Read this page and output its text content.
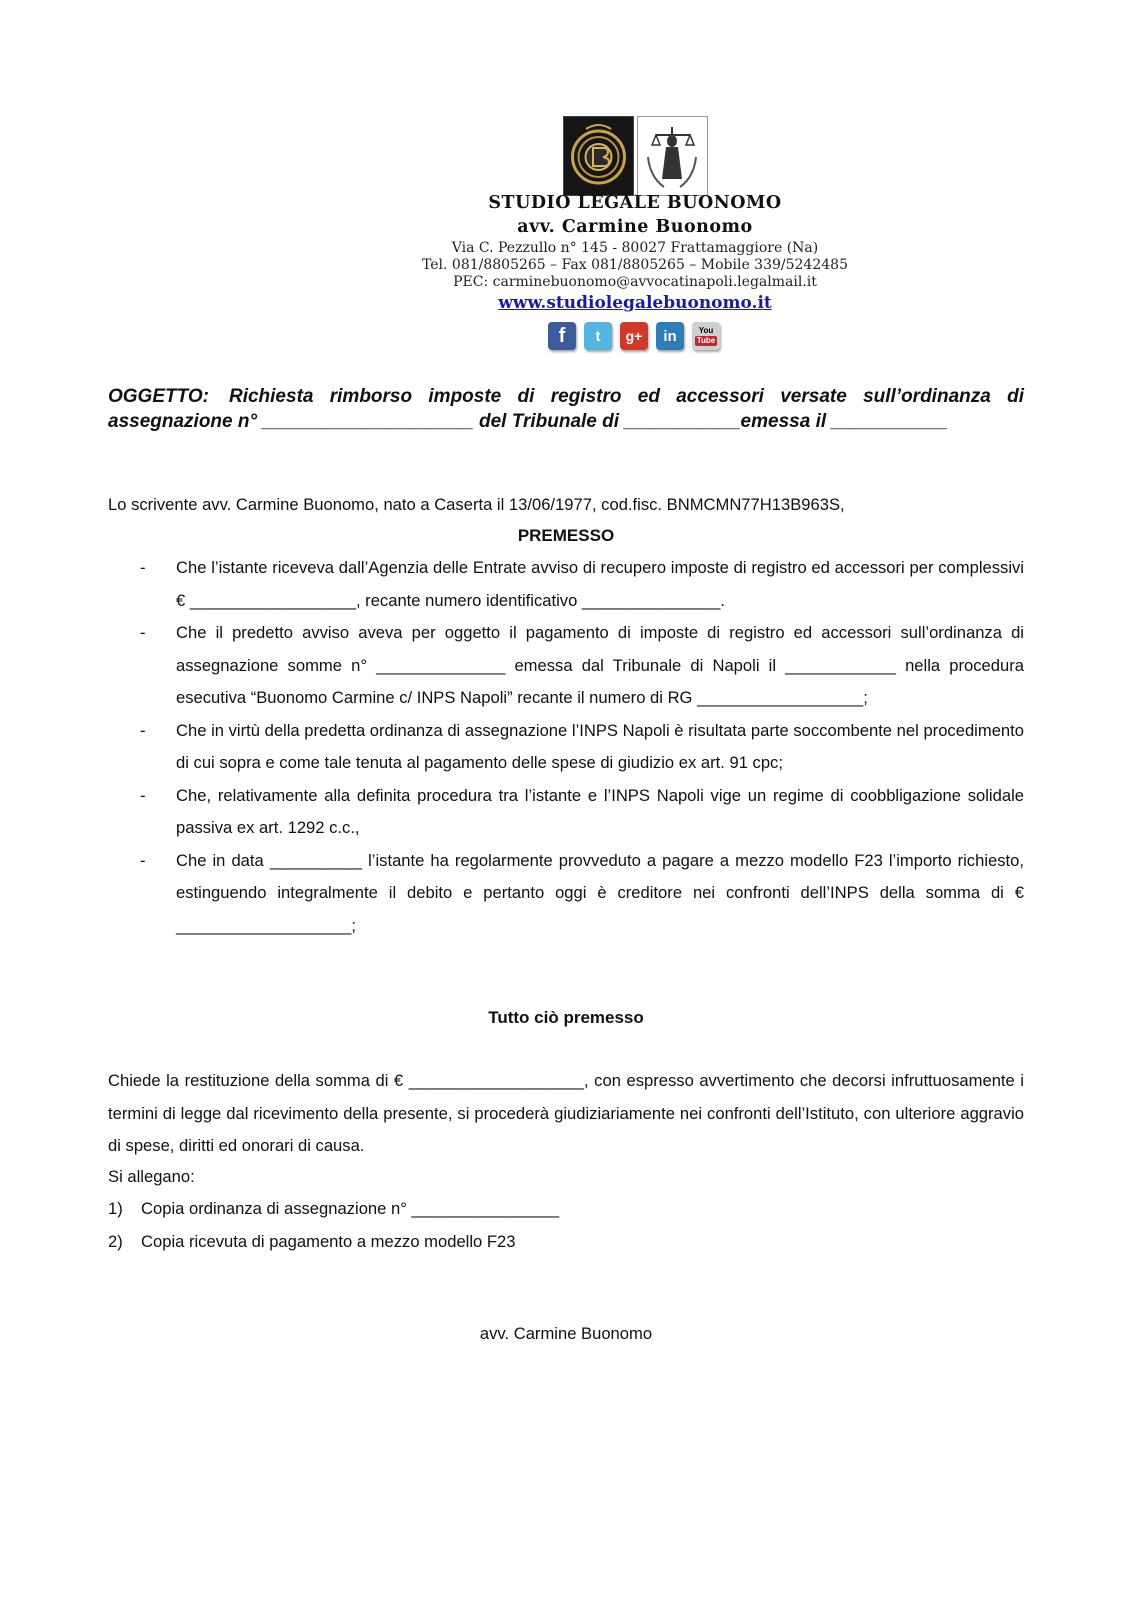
STUDIO LEGALE BUONOMO
avv. Carmine Buonomo
Via C. Pezzullo n° 145 - 80027 Frattamaggiore (Na)
Tel. 081/8805265 – Fax 081/8805265 – Mobile 339/5242485
PEC: carminebuonomo@avvocatinapoli.legalmail.it
www.studiolegalebuonomo.it
f	t	g+	in	You
Tube
OGGETTO: Richiesta rimborso imposte di registro ed accessori versate sull’ordinanza di assegnazione n° ____________________ del Tribunale di ___________emessa il ___________
Lo scrivente avv. Carmine Buonomo, nato a Caserta il 13/06/1977, cod.fisc. BNMCMN77H13B963S,
PREMESSO
- Che l’istante riceveva dall’Agenzia delle Entrate avviso di recupero imposte di registro ed accessori per complessivi € __________________, recante numero identificativo _______________.
- Che il predetto avviso aveva per oggetto il pagamento di imposte di registro ed accessori sull’ordinanza di assegnazione somme n° ______________ emessa dal Tribunale di Napoli il ____________ nella procedura esecutiva “Buonomo Carmine c/ INPS Napoli” recante il numero di RG __________________;
- Che in virtù della predetta ordinanza di assegnazione l’INPS Napoli è risultata parte soccombente nel procedimento di cui sopra e come tale tenuta al pagamento delle spese di giudizio ex art. 91 cpc;
- Che, relativamente alla definita procedura tra l’istante e l’INPS Napoli vige un regime di coobbligazione solidale passiva ex art. 1292 c.c.,
- Che in data __________ l’istante ha regolarmente provveduto a pagare a mezzo modello F23 l’importo richiesto, estinguendo integralmente il debito e pertanto oggi è creditore nei confronti dell’INPS della somma di € ___________________;
Tutto ciò premesso
Chiede la restituzione della somma di € ___________________, con espresso avvertimento che decorsi infruttuosamente i termini di legge dal ricevimento della presente, si procederà giudiziariamente nei confronti dell’Istituto, con ulteriore aggravio di spese, diritti ed onorari di causa.
Si allegano:
1) Copia ordinanza di assegnazione n° ________________
2) Copia ricevuta di pagamento a mezzo modello F23
avv. Carmine Buonomo
